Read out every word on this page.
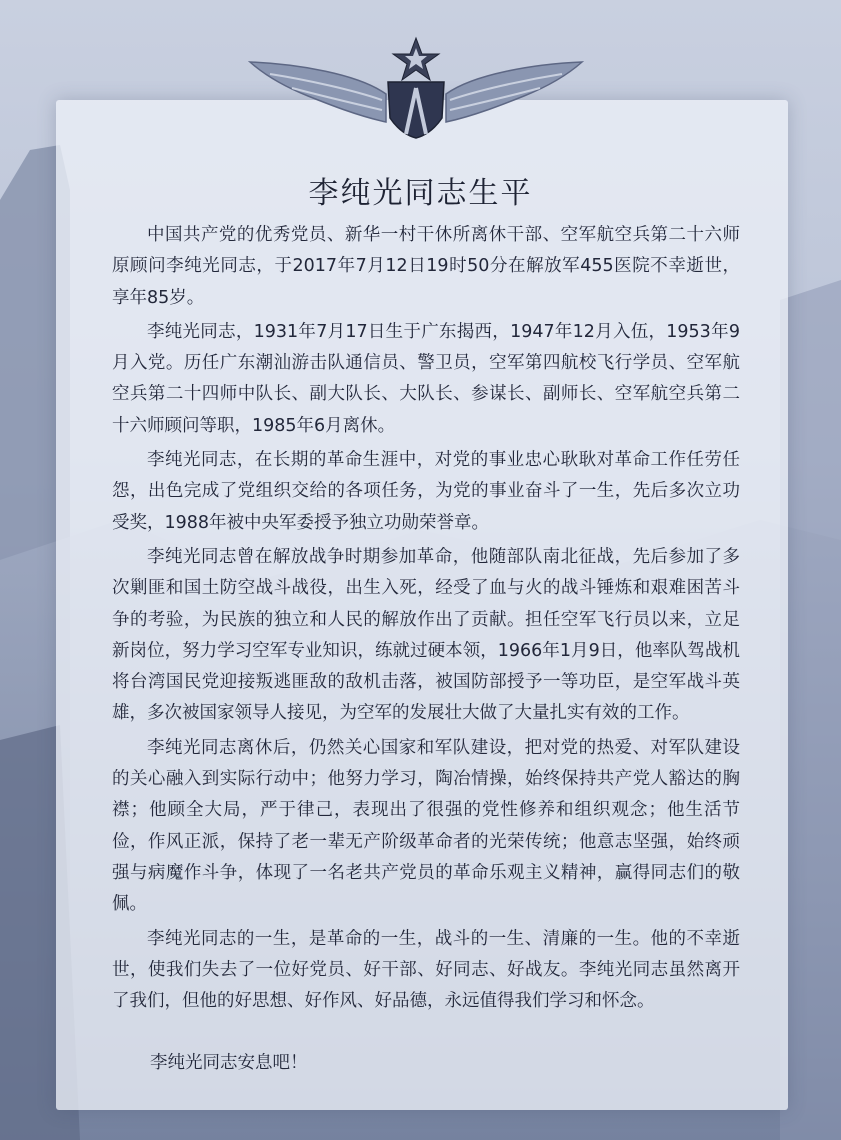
李纯光同志生平

中国共产党的优秀党员、新华一村干休所离休干部、空军航空兵第二十六师原顾问李纯光同志，于2017年7月12日19时50分在解放军455医院不幸逝世，享年85岁。

李纯光同志，1931年7月17日生于广东揭西，1947年12月入伍，1953年9月入党。历任广东潮汕游击队通信员、警卫员，空军第四航校飞行学员、空军航空兵第二十四师中队长、副大队长、大队长、参谋长、副师长、空军航空兵第二十六师顾问等职，1985年6月离休。

李纯光同志，在长期的革命生涯中，对党的事业忠心耿耿对革命工作任劳任怨，出色完成了党组织交给的各项任务，为党的事业奋斗了一生，先后多次立功受奖，1988年被中央军委授予独立功勋荣誉章。

李纯光同志曾在解放战争时期参加革命，他随部队南北征战，先后参加了多次剿匪和国土防空战斗战役，出生入死，经受了血与火的战斗锤炼和艰难困苦斗争的考验，为民族的独立和人民的解放作出了贡献。担任空军飞行员以来，立足新岗位，努力学习空军专业知识，练就过硬本领，1966年1月9日，他率队驾战机将台湾国民党迎接叛逃匪敌的敌机击落，被国防部授予一等功臣，是空军战斗英雄，多次被国家领导人接见，为空军的发展壮大做了大量扎实有效的工作。

李纯光同志离休后，仍然关心国家和军队建设，把对党的热爱、对军队建设的关心融入到实际行动中；他努力学习，陶冶情操，始终保持共产党人豁达的胸襟；他顾全大局，严于律己，表现出了很强的党性修养和组织观念；他生活节俭，作风正派，保持了老一辈无产阶级革命者的光荣传统；他意志坚强，始终顽强与病魔作斗争，体现了一名老共产党员的革命乐观主义精神，赢得同志们的敬佩。

李纯光同志的一生，是革命的一生，战斗的一生、清廉的一生。他的不幸逝世，使我们失去了一位好党员、好干部、好同志、好战友。李纯光同志虽然离开了我们，但他的好思想、好作风、好品德，永远值得我们学习和怀念。

李纯光同志安息吧！
